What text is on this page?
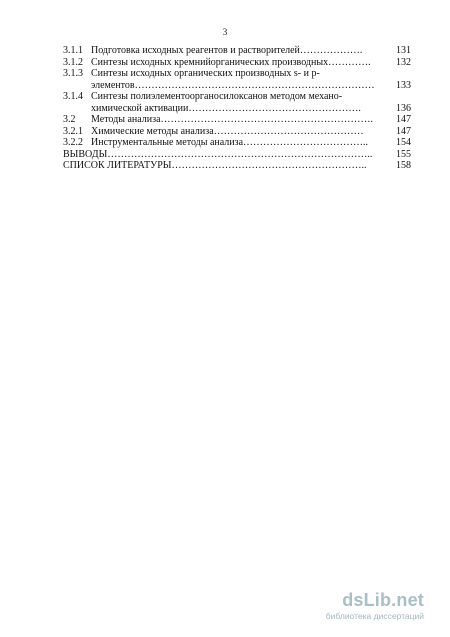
3
3.1.1 Подготовка исходных реагентов и растворителей……………….	131
3.1.2 Синтезы исходных кремнийорганических производных………….	132
3.1.3 Синтезы исходных органических производных s- и p-
элементов………………………………………………………………	133
3.1.4 Синтезы полиэлементоорганосилоксанов методом механо-
химической активации…………………………………………….	136
3.2	Методы анализа……………………………………………………….	147
3.2.1 Химические методы анализа………………………………………	147
3.2.2 Инструментальные методы анализа………………………………..	154
ВЫВОДЫ……………………………………………………………………..	155
СПИСОК ЛИТЕРАТУРЫ…………………………………………………..	158
dsLib.net
библиотека диссертаций
